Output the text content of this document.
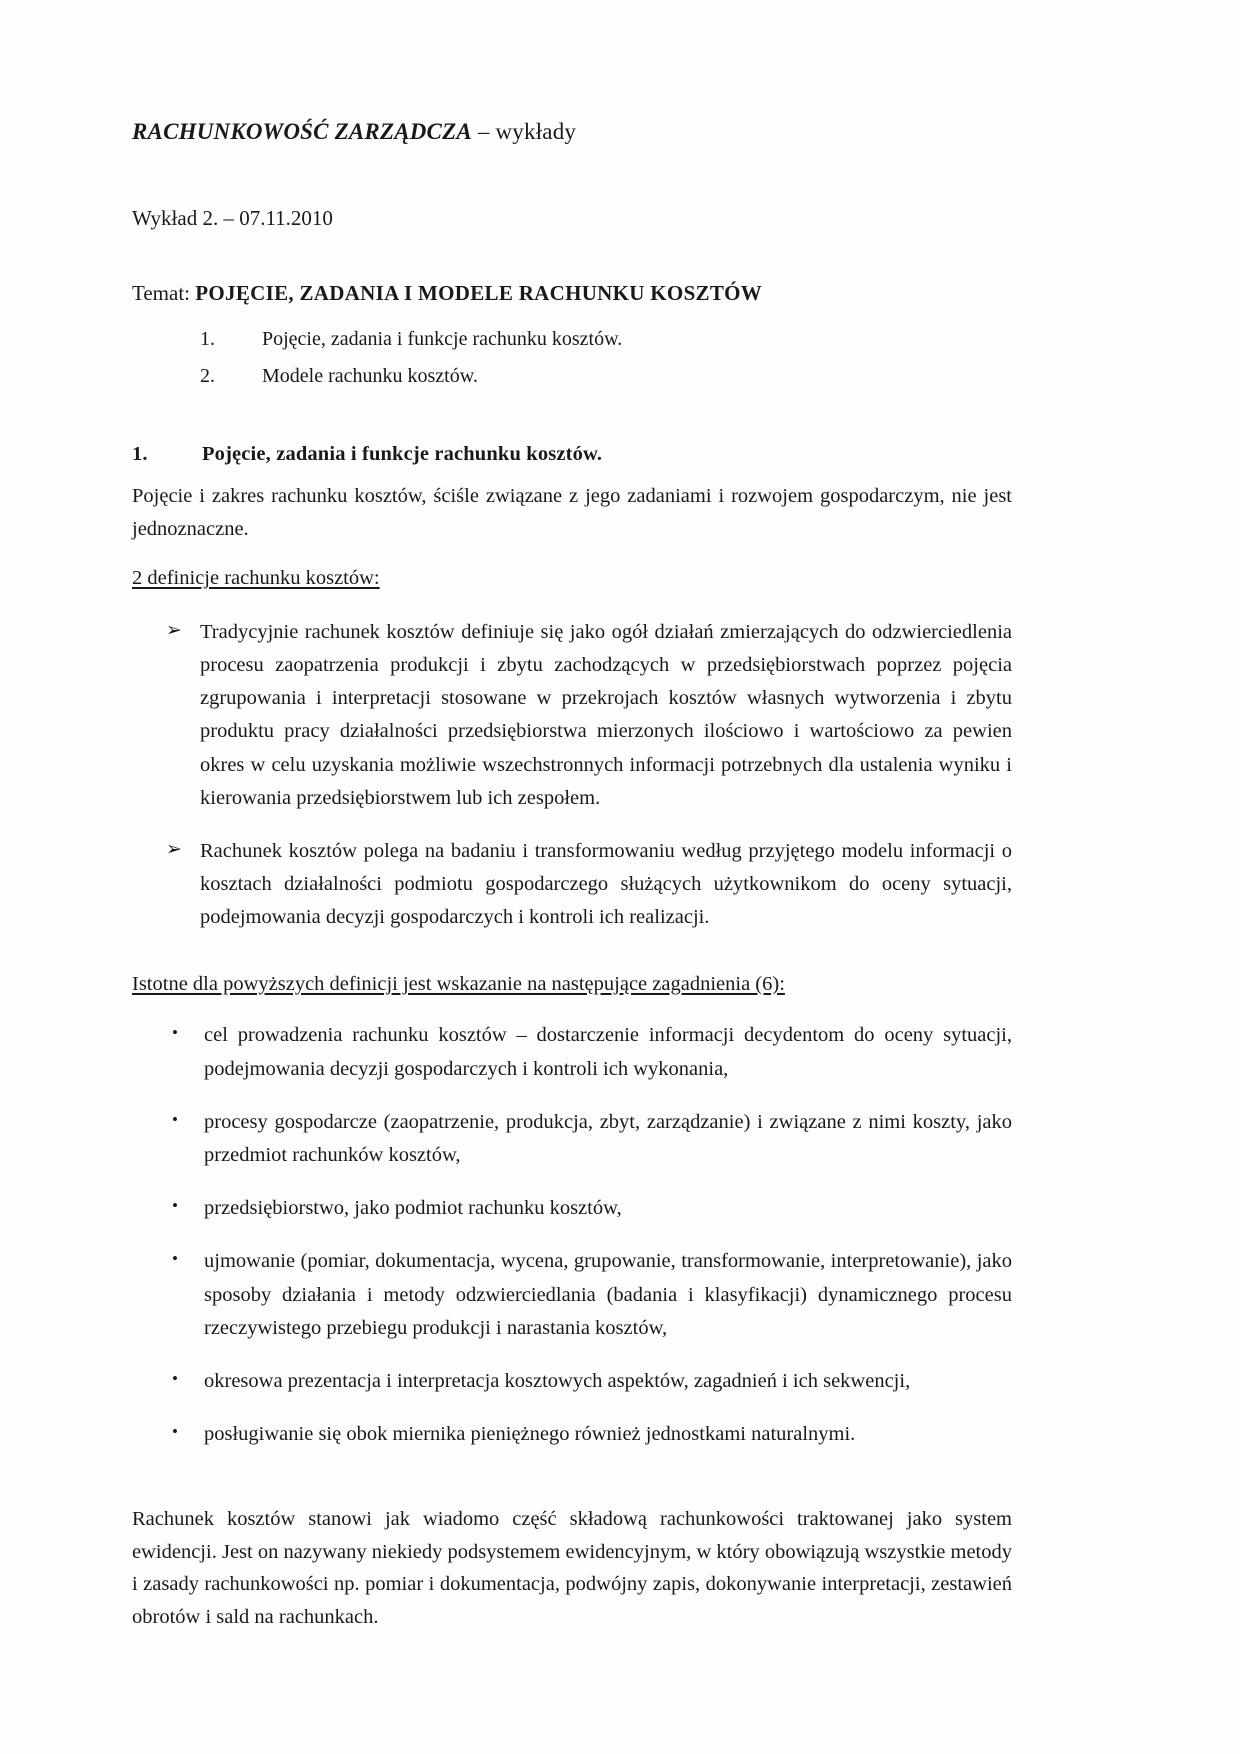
RACHUNKOWOŚĆ ZARZĄDCZA – wykłady
Wykład 2. – 07.11.2010
Temat: POJĘCIE, ZADANIA I MODELE RACHUNKU KOSZTÓW
1.	Pojęcie, zadania i funkcje rachunku kosztów.
2.	Modele rachunku kosztów.
1.	Pojęcie, zadania i funkcje rachunku kosztów.

Pojęcie i zakres rachunku kosztów, ściśle związane z jego zadaniami i rozwojem gospodarczym, nie jest jednoznaczne.

2 definicje rachunku kosztów:
➢ Tradycyjnie rachunek kosztów definiuje się jako ogół działań zmierzających do odzwierciedlenia procesu zaopatrzenia produkcji i zbytu zachodzących w przedsiębiorstwach poprzez pojęcia zgrupowania i interpretacji stosowane w przekrojach kosztów własnych wytworzenia i zbytu produktu pracy działalności przedsiębiorstwa mierzonych ilościowo i wartościowo za pewien okres w celu uzyskania możliwie wszechstronnych informacji potrzebnych dla ustalenia wyniku i kierowania przedsiębiorstwem lub ich zespołem.
➢ Rachunek kosztów polega na badaniu i transformowaniu według przyjętego modelu informacji o kosztach działalności podmiotu gospodarczego służących użytkownikom do oceny sytuacji, podejmowania decyzji gospodarczych i kontroli ich realizacji.
Istotne dla powyższych definicji jest wskazanie na następujące zagadnienia (6):
•	cel prowadzenia rachunku kosztów – dostarczenie informacji decydentom do oceny sytuacji, podejmowania decyzji gospodarczych i kontroli ich wykonania,
•	procesy gospodarcze (zaopatrzenie, produkcja, zbyt, zarządzanie) i związane z nimi koszty, jako przedmiot rachunków kosztów,
•	przedsiębiorstwo, jako podmiot rachunku kosztów,
•	ujmowanie (pomiar, dokumentacja, wycena, grupowanie, transformowanie, interpretowanie), jako sposoby działania i metody odzwierciedlania (badania i klasyfikacji) dynamicznego procesu rzeczywistego przebiegu produkcji i narastania kosztów,
•	okresowa prezentacja i interpretacja kosztowych aspektów, zagadnień i ich sekwencji,
•	posługiwanie się obok miernika pieniężnego również jednostkami naturalnymi.

Rachunek kosztów stanowi jak wiadomo część składową rachunkowości traktowanej jako system ewidencji. Jest on nazywany niekiedy podsystemem ewidencyjnym, w który obowiązują wszystkie metody i zasady rachunkowości np. pomiar i dokumentacja, podwójny zapis, dokonywanie interpretacji, zestawień obrotów i sald na rachunkach.
